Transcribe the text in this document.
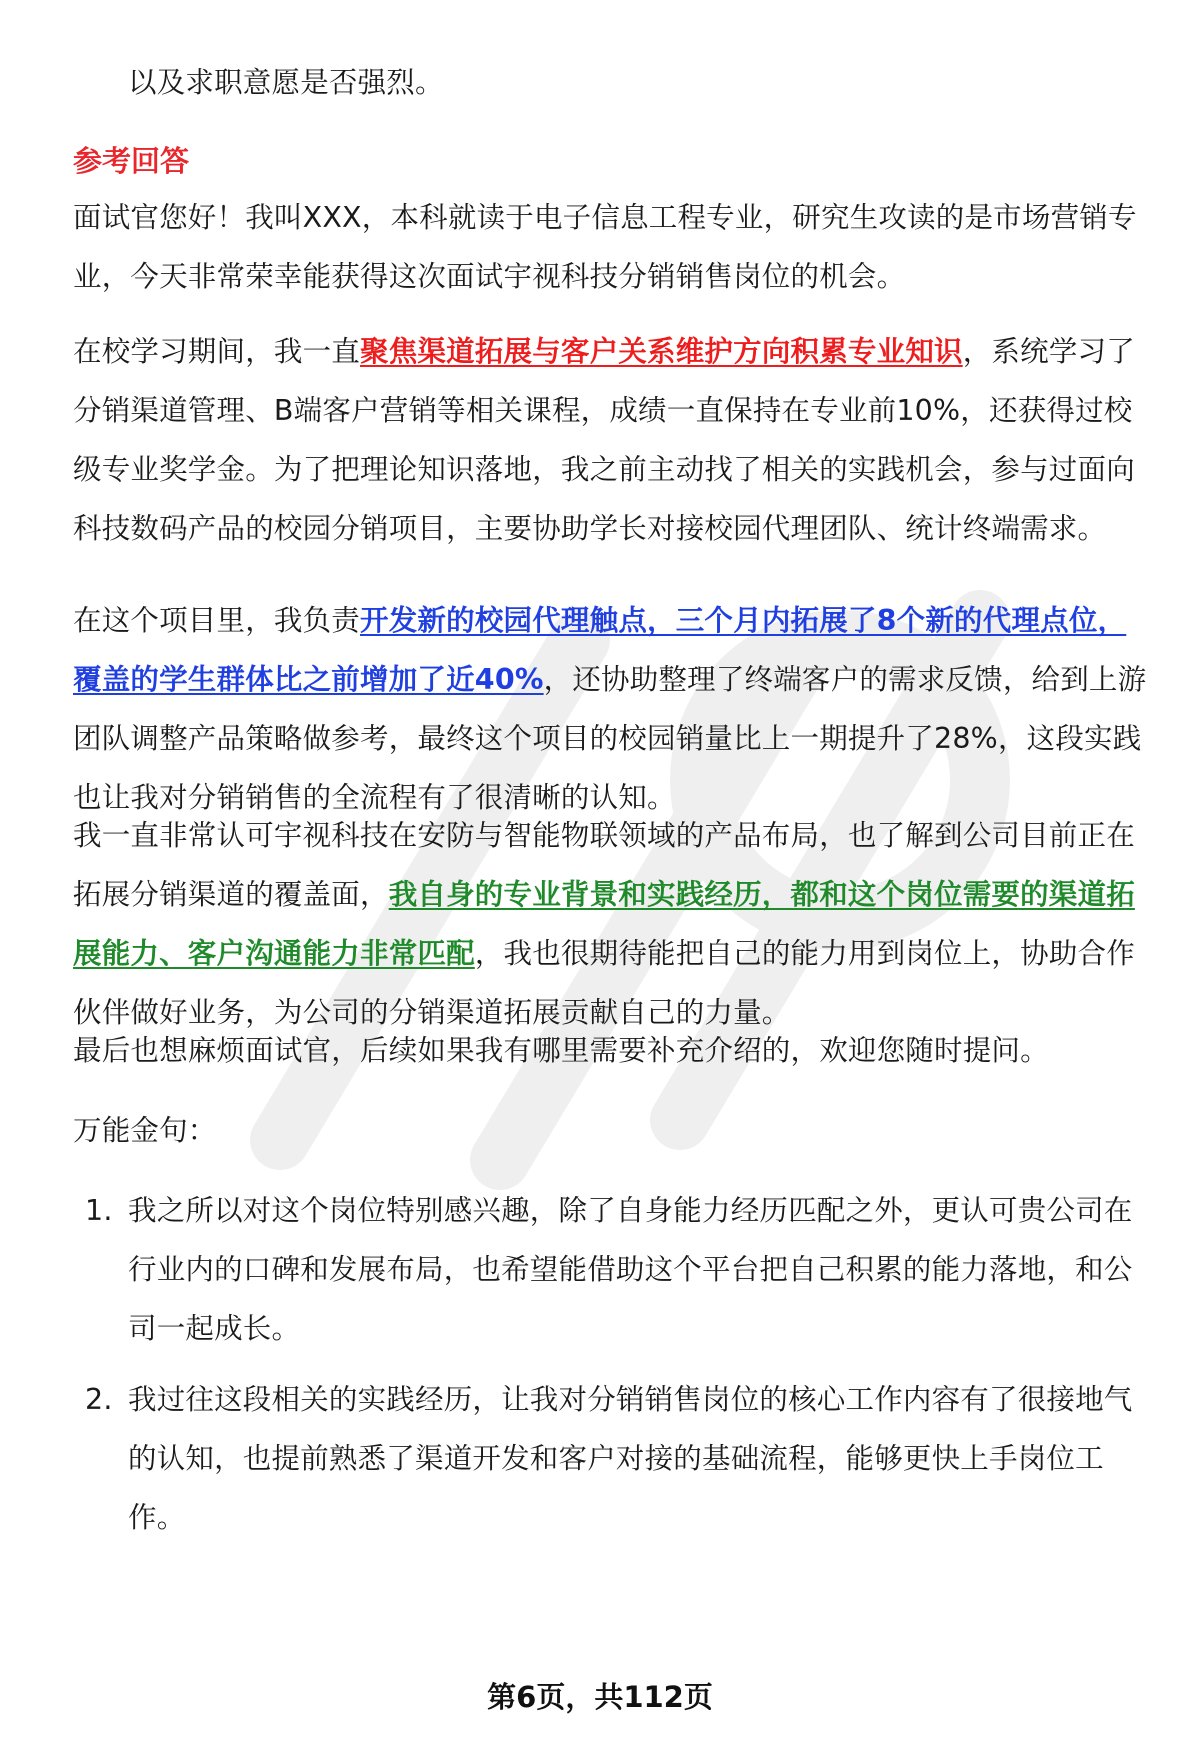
以及求职意愿是否强烈。

参考回答

面试官您好！我叫XXX，本科就读于电子信息工程专业，研究生攻读的是市场营销专业，今天非常荣幸能获得这次面试宇视科技分销销售岗位的机会。

在校学习期间，我一直聚焦渠道拓展与客户关系维护方向积累专业知识，系统学习了分销渠道管理、B端客户营销等相关课程，成绩一直保持在专业前10%，还获得过校级专业奖学金。为了把理论知识落地，我之前主动找了相关的实践机会，参与过面向科技数码产品的校园分销项目，主要协助学长对接校园代理团队、统计终端需求。

在这个项目里，我负责开发新的校园代理触点，三个月内拓展了8个新的代理点位，覆盖的学生群体比之前增加了近40%，还协助整理了终端客户的需求反馈，给到上游团队调整产品策略做参考，最终这个项目的校园销量比上一期提升了28%，这段实践也让我对分销销售的全流程有了很清晰的认知。

我一直非常认可宇视科技在安防与智能物联领域的产品布局，也了解到公司目前正在拓展分销渠道的覆盖面，我自身的专业背景和实践经历，都和这个岗位需要的渠道拓展能力、客户沟通能力非常匹配，我也很期待能把自己的能力用到岗位上，协助合作伙伴做好业务，为公司的分销渠道拓展贡献自己的力量。

最后也想麻烦面试官，后续如果我有哪里需要补充介绍的，欢迎您随时提问。

万能金句：

1. 我之所以对这个岗位特别感兴趣，除了自身能力经历匹配之外，更认可贵公司在行业内的口碑和发展布局，也希望能借助这个平台把自己积累的能力落地，和公司一起成长。
2. 我过往这段相关的实践经历，让我对分销销售岗位的核心工作内容有了很接地气的认知，也提前熟悉了渠道开发和客户对接的基础流程，能够更快上手岗位工作。
第6页，共112页
